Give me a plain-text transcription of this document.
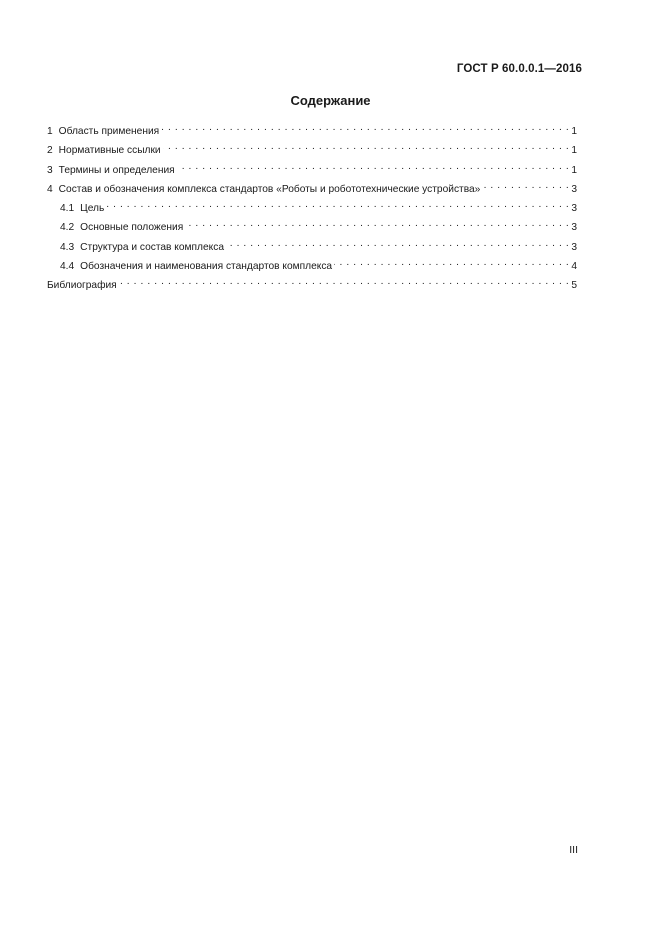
ГОСТ Р 60.0.0.1—2016
Содержание
1 Область применения . . .	1
2 Нормативные ссылки . . .	1
3 Термины и определения . . .	1
4 Состав и обозначения комплекса стандартов «Роботы и робототехнические устройства» . . .	3
4.1 Цель . . .	3
4.2 Основные положения . . .	3
4.3 Структура и состав комплекса . . .	3
4.4 Обозначения и наименования стандартов комплекса . . .	4
Библиография . . .	5
III
